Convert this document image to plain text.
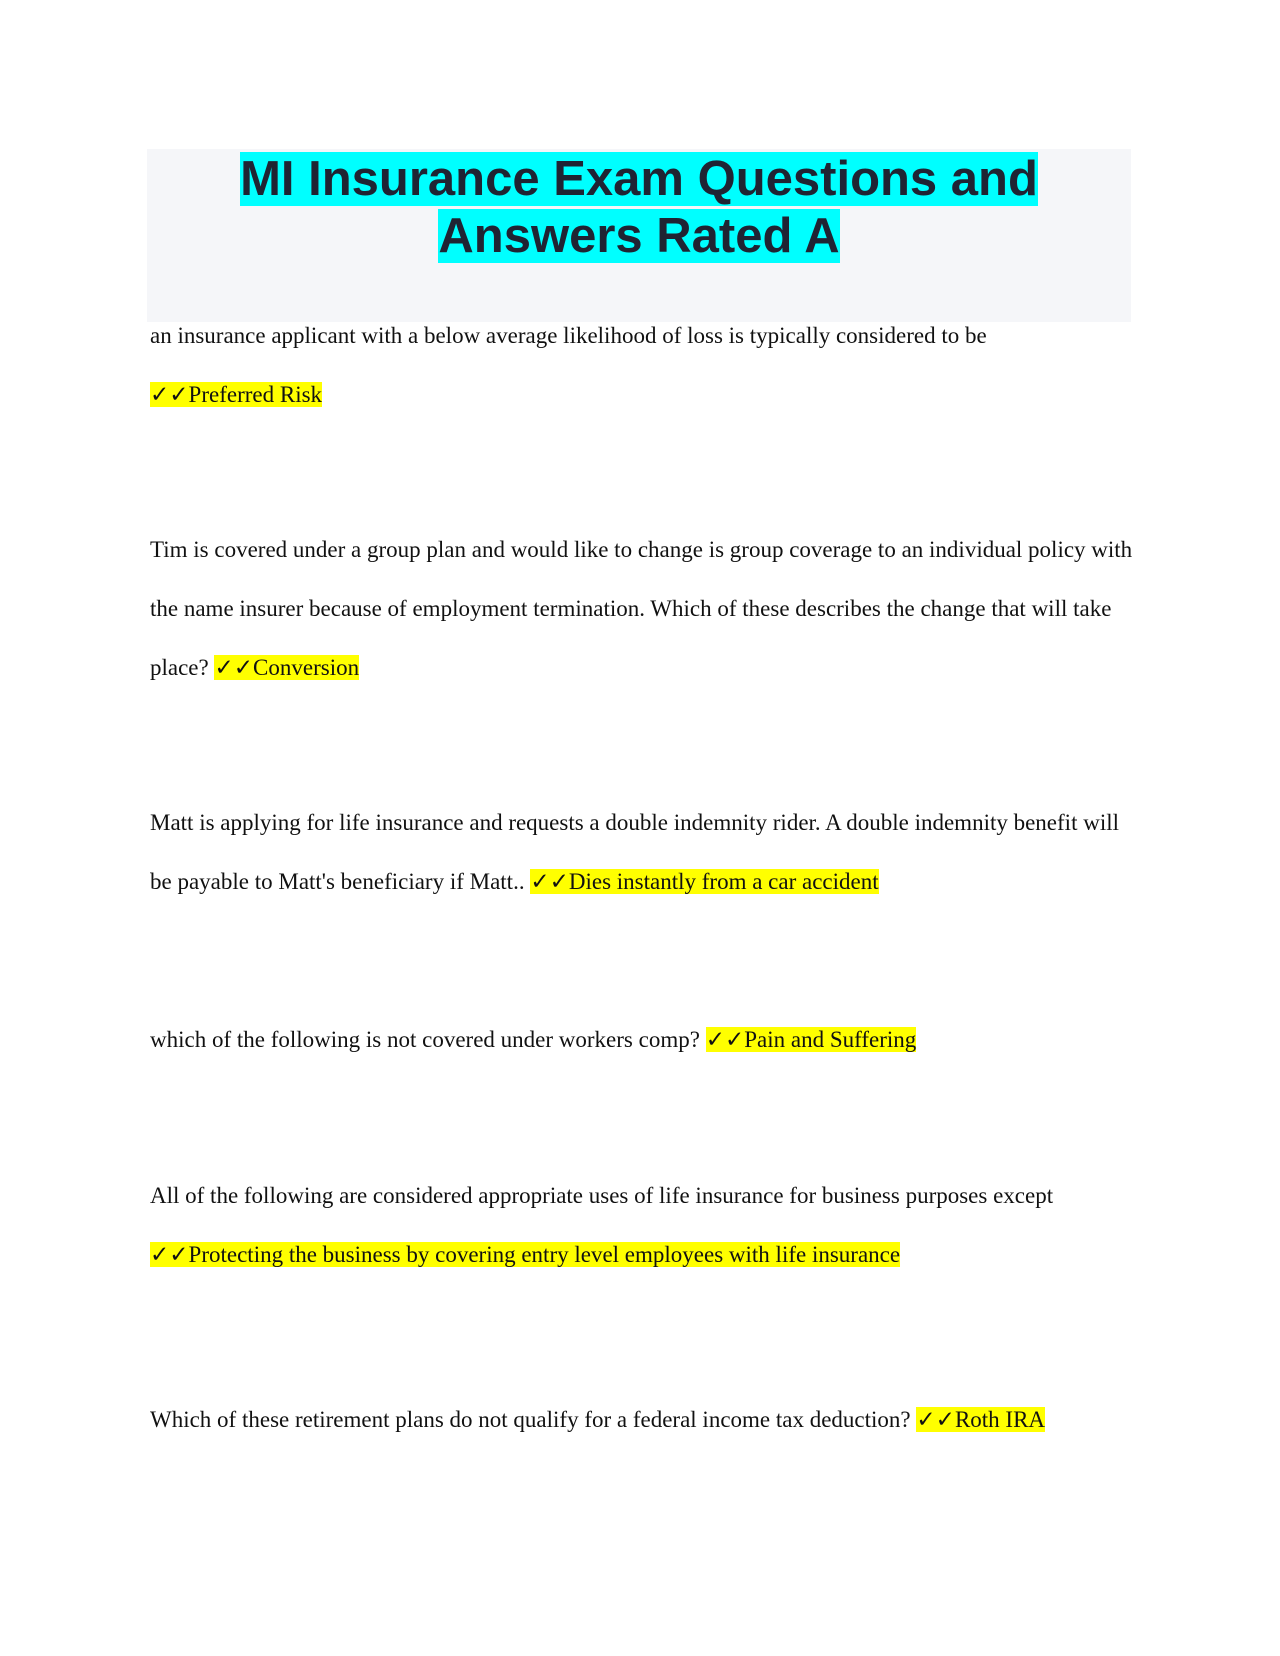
MI Insurance Exam Questions and
Answers Rated A

an insurance applicant with a below average likelihood of loss is typically considered to be
✓✓Preferred Risk

Tim is covered under a group plan and would like to change is group coverage to an individual policy with the name insurer because of employment termination. Which of these describes the change that will take place? ✓✓Conversion

Matt is applying for life insurance and requests a double indemnity rider. A double indemnity benefit will be payable to Matt's beneficiary if Matt.. ✓✓Dies instantly from a car accident

which of the following is not covered under workers comp? ✓✓Pain and Suffering

All of the following are considered appropriate uses of life insurance for business purposes except ✓✓Protecting the business by covering entry level employees with life insurance

Which of these retirement plans do not qualify for a federal income tax deduction? ✓✓Roth IRA
